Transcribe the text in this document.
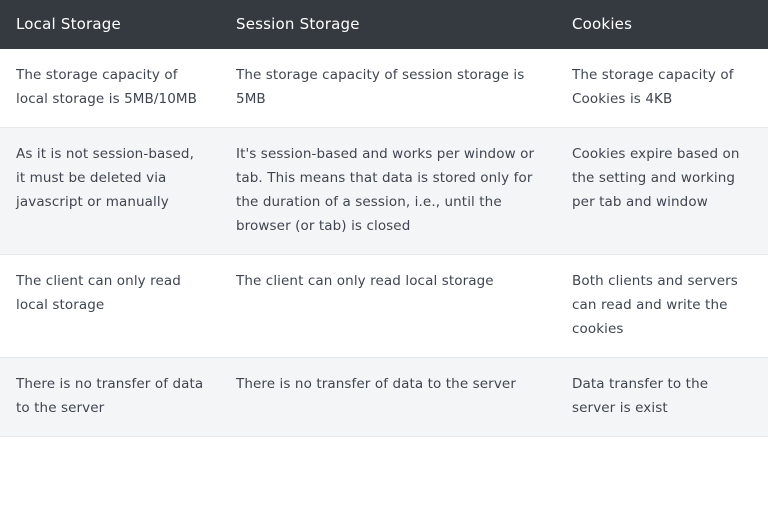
Local Storage	Session Storage	Cookies
The storage capacity of local storage is 5MB/10MB	The storage capacity of session storage is 5MB	The storage capacity of Cookies is 4KB
As it is not session-based, it must be deleted via javascript or manually	It's session-based and works per window or tab. This means that data is stored only for the duration of a session, i.e., until the browser (or tab) is closed	Cookies expire based on the setting and working per tab and window
The client can only read local storage	The client can only read local storage	Both clients and servers can read and write the cookies
There is no transfer of data to the server	There is no transfer of data to the server	Data transfer to the server is exist
